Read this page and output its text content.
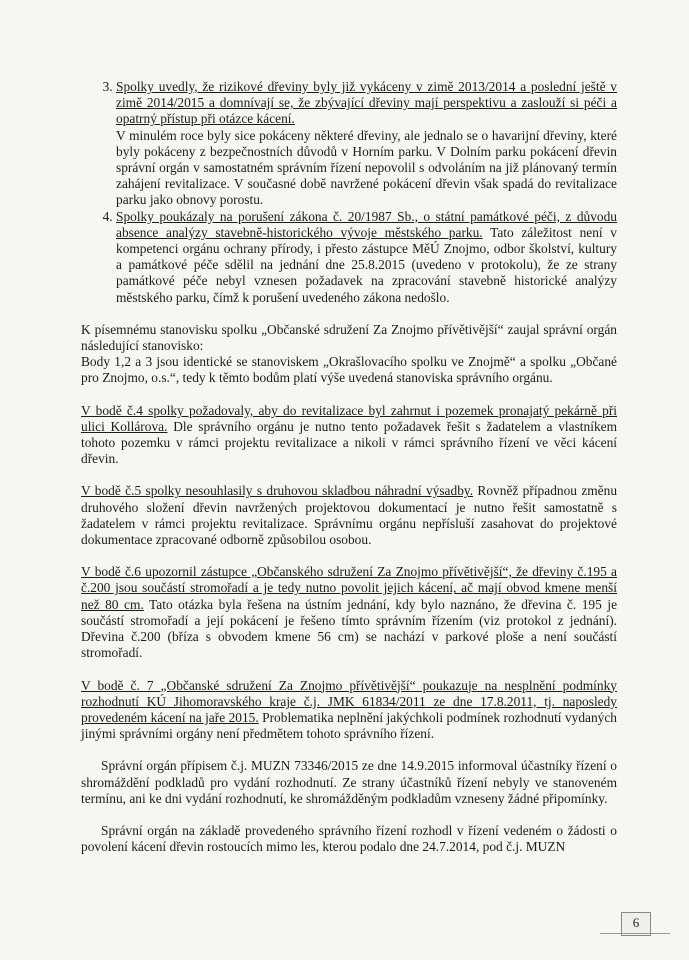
3. Spolky uvedly, že rizikové dřeviny byly již vykáceny v zimě 2013/2014 a poslední ještě v zimě 2014/2015 a domnívají se, že zbývající dřeviny mají perspektivu a zaslouží si péči a opatrný přístup při otázce kácení.
V minulém roce byly sice pokáceny některé dřeviny, ale jednalo se o havarijní dřeviny, které byly pokáceny z bezpečnostních důvodů v Horním parku. V Dolním parku pokácení dřevin správní orgán v samostatném správním řízení nepovolil s odvoláním na již plánovaný termín zahájení revitalizace. V současné době navržené pokácení dřevin však spadá do revitalizace parku jako obnovy porostu.
4. Spolky poukázaly na porušení zákona č. 20/1987 Sb., o státní památkové péči, z důvodu absence analýzy stavebně-historického vývoje městského parku. Tato záležitost není v kompetenci orgánu ochrany přírody, i přesto zástupce MěÚ Znojmo, odbor školství, kultury a památkové péče sdělil na jednání dne 25.8.2015 (uvedeno v protokolu), že ze strany památkové péče nebyl vznesen požadavek na zpracování stavebně historické analýzy městského parku, čímž k porušení uvedeného zákona nedošlo.

K písemnému stanovisku spolku „Občanské sdružení Za Znojmo přívětivější“ zaujal správní orgán následující stanovisko:

Body 1,2 a 3 jsou identické se stanoviskem „Okrašlovacího spolku ve Znojmě“ a spolku „Občané pro Znojmo, o.s.“, tedy k těmto bodům platí výše uvedená stanoviska správního orgánu.

V bodě č.4 spolky požadovaly, aby do revitalizace byl zahrnut i pozemek pronajatý pekárně při ulici Kollárova. Dle správního orgánu je nutno tento požadavek řešit s žadatelem a vlastníkem tohoto pozemku v rámci projektu revitalizace a nikoli v rámci správního řízení ve věci kácení dřevin.

V bodě č.5 spolky nesouhlasily s druhovou skladbou náhradní výsadby. Rovněž případnou změnu druhového složení dřevin navržených projektovou dokumentací je nutno řešit samostatně s žadatelem v rámci projektu revitalizace. Správnímu orgánu nepřísluší zasahovat do projektové dokumentace zpracované odborně způsobilou osobou.

V bodě č.6 upozornil zástupce „Občanského sdružení Za Znojmo přívětivější“, že dřeviny č.195 a č.200 jsou součástí stromořadí a je tedy nutno povolit jejich kácení, ač mají obvod kmene menší než 80 cm. Tato otázka byla řešena na ústním jednání, kdy bylo naznáno, že dřevina č. 195 je součástí stromořadí a její pokácení je řešeno tímto správním řízením (viz protokol z jednání). Dřevina č.200 (bříza s obvodem kmene 56 cm) se nachází v parkové ploše a není součástí stromořadí.

V bodě č. 7 „Občanské sdružení Za Znojmo přívětivější“ poukazuje na nesplnění podmínky rozhodnutí KÚ Jihomoravského kraje č.j. JMK 61834/2011 ze dne 17.8.2011, tj. naposledy provedeném kácení na jaře 2015. Problematika neplnění jakýchkoli podmínek rozhodnutí vydaných jinými správními orgány není předmětem tohoto správního řízení.

Správní orgán přípisem č.j. MUZN 73346/2015 ze dne 14.9.2015 informoval účastníky řízení o shromáždění podkladů pro vydání rozhodnutí. Ze strany účastníků řízení nebyly ve stanoveném termínu, ani ke dni vydání rozhodnutí, ke shromážděným podkladům vzneseny žádné připomínky.

Správní orgán na základě provedeného správního řízení rozhodl v řízení vedeném o žádosti o povolení kácení dřevin rostoucích mimo les, kterou podalo dne 24.7.2014, pod č.j. MUZN

6
